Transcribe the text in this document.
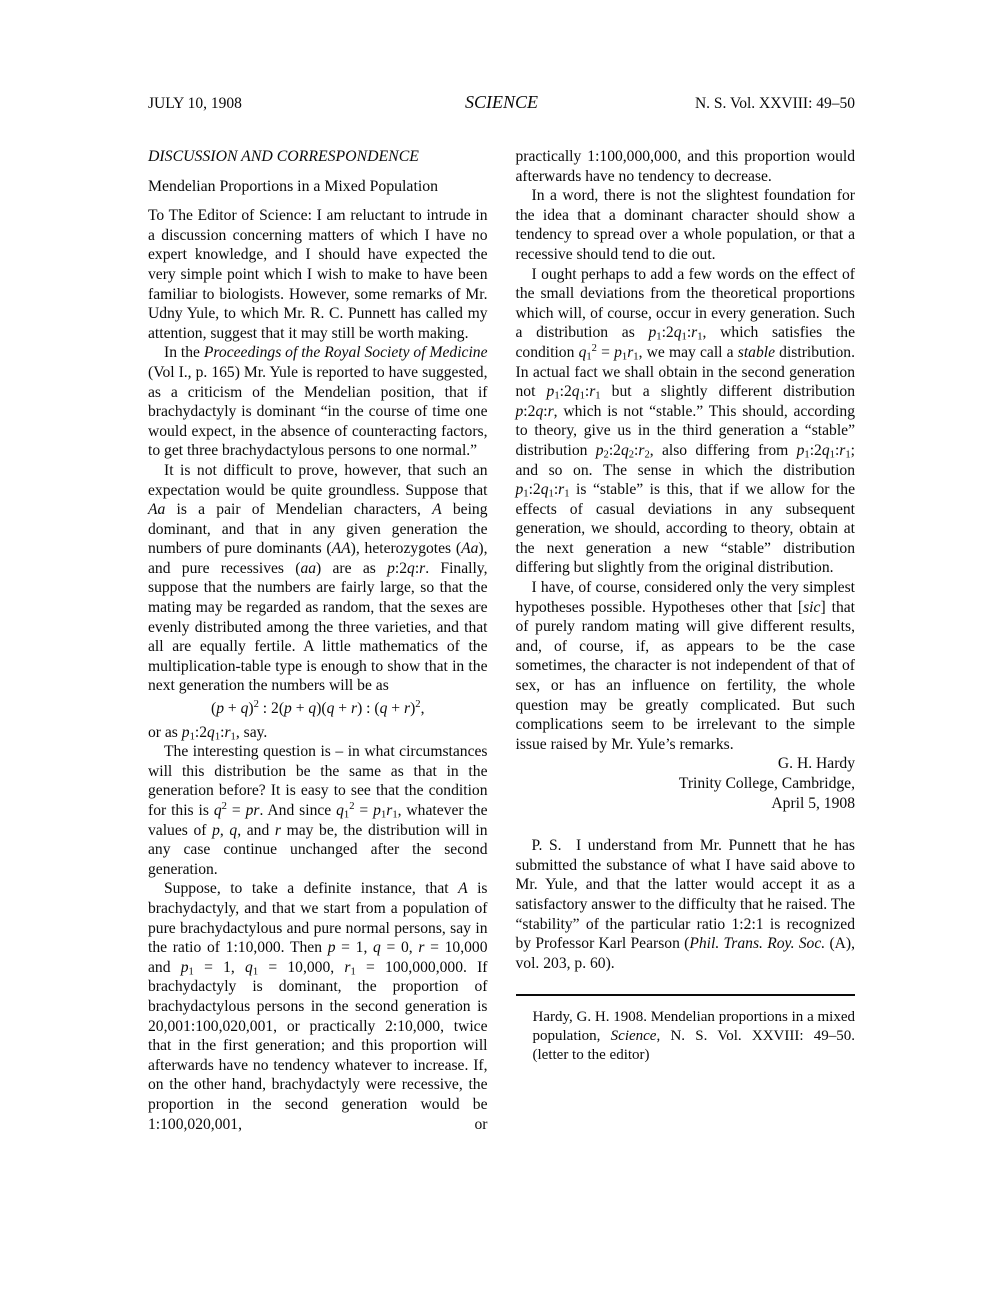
JULY 10, 1908	SCIENCE	N. S. Vol. XXVIII: 49–50
DISCUSSION AND CORRESPONDENCE
Mendelian Proportions in a Mixed Population

To The Editor of Science: I am reluctant to intrude in a discussion concerning matters of which I have no expert knowledge, and I should have expected the very simple point which I wish to make to have been familiar to biologists. However, some remarks of Mr. Udny Yule, to which Mr. R. C. Punnett has called my attention, suggest that it may still be worth making.

In the Proceedings of the Royal Society of Medicine (Vol I., p. 165) Mr. Yule is reported to have suggested, as a criticism of the Mendelian position, that if brachydactyly is dominant “in the course of time one would expect, in the absence of counteracting factors, to get three brachydactylous persons to one normal.”

It is not difficult to prove, however, that such an expectation would be quite groundless. Suppose that Aa is a pair of Mendelian characters, A being dominant, and that in any given generation the numbers of pure dominants (AA), heterozygotes (Aa), and pure recessives (aa) are as p:2q:r. Finally, suppose that the numbers are fairly large, so that the mating may be regarded as random, that the sexes are evenly distributed among the three varieties, and that all are equally fertile. A little mathematics of the multiplication-table type is enough to show that in the next generation the numbers will be as

$(p + q)^2$ : 2(p + q)(q + r) : $(q + r)^2$,

or as $p_1:2q_1:r_1$, say.

The interesting question is – in what circumstances will this distribution be the same as that in the generation before? It is easy to see that the condition for this is $q^2$ = pr. And since $q_1^2 = p_1r_1$, whatever the values of p, q, and r may be, the distribution will in any case continue unchanged after the second generation.

Suppose, to take a definite instance, that A is brachydactyly, and that we start from a population of pure brachydactylous and pure normal persons, say in the ratio of 1:10,000. Then p = 1, q = 0, r = 10,000 and $p_1 = 1$, $q_1 = 10,000$, $r_1 = 100,000,000$. If brachydactyly is dominant, the proportion of brachydactylous persons in the second generation is 20,001:100,020,001, or practically 2:10,000, twice that in the first generation; and this proportion will afterwards have no tendency whatever to increase. If, on the other hand, brachydactyly were recessive, the proportion in the second generation would be 1:100,020,001, or

practically 1:100,000,000, and this proportion would afterwards have no tendency to decrease.

In a word, there is not the slightest foundation for the idea that a dominant character should show a tendency to spread over a whole population, or that a recessive should tend to die out.

I ought perhaps to add a few words on the effect of the small deviations from the theoretical proportions which will, of course, occur in every generation. Such a distribution as $p_1:2q_1:r_1$, which satisfies the condition $q_1^2 = p_1r_1$, we may call a stable distribution. In actual fact we shall obtain in the second generation not $p_1:2q_1:r_1$ but a slightly different distribution p:2q:r, which is not “stable.” This should, according to theory, give us in the third generation a “stable” distribution $p_2:2q_2:r_2$, also differing from $p_1:2q_1:r_1$; and so on. The sense in which the distribution $p_1:2q_1:r_1$ is “stable” is this, that if we allow for the effects of casual deviations in any subsequent generation, we should, according to theory, obtain at the next generation a new “stable” distribution differing but slightly from the original distribution.

I have, of course, considered only the very simplest hypotheses possible. Hypotheses other that [sic] that of purely random mating will give different results, and, of course, if, as appears to be the case sometimes, the character is not independent of that of sex, or has an influence on fertility, the whole question may be greatly complicated. But such complications seem to be irrelevant to the simple issue raised by Mr. Yule’s remarks.

G. H. Hardy

Trinity College, Cambridge,

April 5, 1908

P. S.  I understand from Mr. Punnett that he has submitted the substance of what I have said above to Mr. Yule, and that the latter would accept it as a satisfactory answer to the difficulty that he raised. The “stability” of the particular ratio 1:2:1 is recognized by Professor Karl Pearson (Phil. Trans. Roy. Soc. (A), vol. 203, p. 60).

Hardy, G. H. 1908. Mendelian proportions in a mixed population, Science, N. S. Vol. XXVIII: 49–50. (letter to the editor)
